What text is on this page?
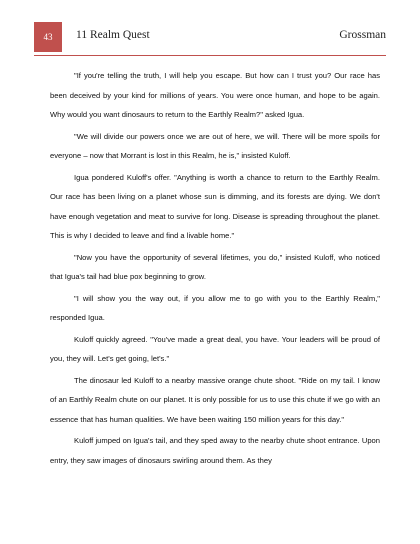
43	11 Realm Quest	Grossman

"If you're telling the truth, I will help you escape. But how can I trust you? Our race has been deceived by your kind for millions of years. You were once human, and hope to be again. Why would you want dinosaurs to return to the Earthly Realm?" asked Igua.

"We will divide our powers once we are out of here, we will. There will be more spoils for everyone – now that Morrant is lost in this Realm, he is," insisted Kuloff.

Igua pondered Kuloff's offer. "Anything is worth a chance to return to the Earthly Realm. Our race has been living on a planet whose sun is dimming, and its forests are dying. We don't have enough vegetation and meat to survive for long. Disease is spreading throughout the planet. This is why I decided to leave and find a livable home."

"Now you have the opportunity of several lifetimes, you do," insisted Kuloff, who noticed that Igua's tail had blue pox beginning to grow.

"I will show you the way out, if you allow me to go with you to the Earthly Realm," responded Igua.

Kuloff quickly agreed. "You've made a great deal, you have. Your leaders will be proud of you, they will. Let's get going, let's."

The dinosaur led Kuloff to a nearby massive orange chute shoot. "Ride on my tail. I know of an Earthly Realm chute on our planet. It is only possible for us to use this chute if we go with an essence that has human qualities. We have been waiting 150 million years for this day."

Kuloff jumped on Igua's tail, and they sped away to the nearby chute shoot entrance. Upon entry, they saw images of dinosaurs swirling around them. As they
